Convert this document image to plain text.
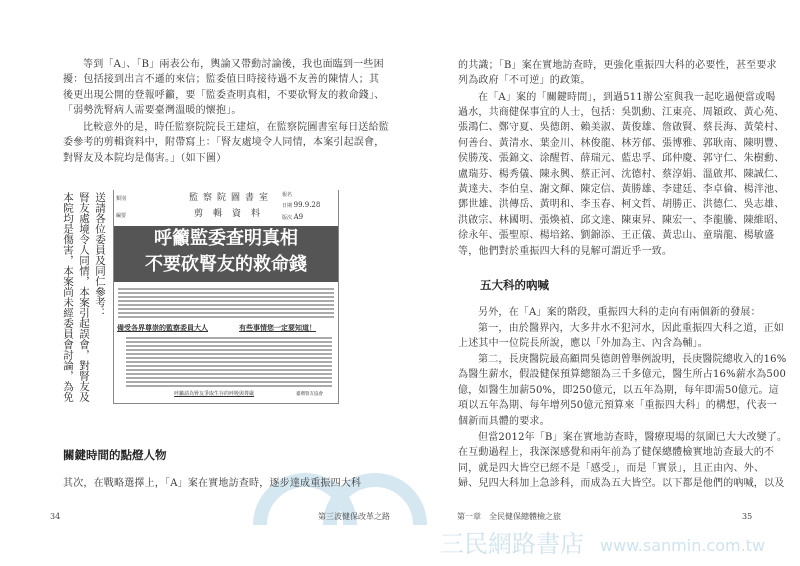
三民網路書店 www.sanmin.com.tw
送請各位委員及同仁參考：
腎友處境令人同情，本案引起誤會，對腎友及
本院均是傷害，本案尚未經委員會討論，為免	類別
編要
監察院圖書室
剪輯資料
報名
日期 99.9.28
版次 A9
呼籲監委查明真相
不要砍腎友的救命錢
備受各界尊崇的監察委員大人	有些事情您一定要知道！
呼籲請為腎友爭取生存的呼吸與尊嚴	臺灣腎友協會
34	第三波健保改革之路	第一章　全民健保總體檢之旅	35
等到「A」、「B」兩表公布，輿論又帶動討論後，我也面臨到一些困
擾：包括接到出言不遜的來信；監委值日時接待過不友善的陳情人；其
後更出現公開的登報呼籲，要「監委查明真相，不要砍腎友的救命錢」、
「弱勢洗腎病人需要臺灣溫暖的懷抱」。
比較意外的是，時任監察院院長王建煊，在監察院圖書室每日送給監
委參考的剪輯資料中，附帶寫上：「腎友處境令人同情，本案引起誤會，
對腎友及本院均是傷害。」（如下圖）
關鍵時間的點燈人物
其次，在戰略選擇上，「A」案在實地訪查時，逐步達成重振四大科
的共識；「B」案在實地訪查時，更強化重振四大科的必要性，甚至要求
列為政府「不可逆」的政策。
在「A」案的「關鍵時間」，到過511辦公室與我一起吃過便當或喝
過水，共商健保事宜的人士，包括：吳凱勳、江東亮、周穎政、黃心苑、
張鴻仁、鄭守夏、吳德朗、賴美淑、黃俊雄、詹啟賢、蔡長海、黃榮村、
何善台、黃清水、葉金川、林俊龍、林芳郁、張博雅、郭耿南、陳明豐、
侯勝茂、張錦文、涂醒哲、薛瑞元、藍忠孚、邱仲慶、郭守仁、朱樹勳、
盧瑞芬、楊秀儀、陳永興、蔡正河、沈德村、蔡淳娟、溫啟邦、陳誠仁、
黃達夫、李伯皇、謝文輝、陳定信、黃勝雄、李建廷、李卓倫、楊泮池、
鄧世雄、洪傳岳、黃明和、李玉春、柯文哲、胡勝正、洪德仁、吳志雄、
洪啟宗、林國明、張煥禎、邱文達、陳東昇、陳宏一、李龍騰、陳維昭、
徐永年、張聖原、楊培銘、劉錦添、王正儀、黃忠山、童瑞龍、楊敏盛
等，他們對於重振四大科的見解可謂近乎一致。
五大科的吶喊
另外，在「A」案的階段，重振四大科的走向有兩個新的發展：
第一，由於醫界內，大多井水不犯河水，因此重振四大科之道，正如
上述其中一位院長所說，應以「外加為主、內含為輔」。
第二，長庚醫院最高顧問吳德朗曾舉例說明，長庚醫院總收入的16%
為醫生薪水，假設健保預算總額為三千多億元，醫生所占16%薪水為500
億，如醫生加薪50%，即250億元，以五年為期，每年即需50億元。這
項以五年為期、每年增列50億元預算來「重振四大科」的構想，代表一
個新而具體的要求。
但當2012年「B」案在實地訪查時，醫療現場的氛圍已大大改變了。
在互動過程上，我深深感覺和兩年前為了健保總體檢實地訪查最大的不
同，就是四大皆空已經不是「感受」，而是「實景」，且正由內、外、
婦、兒四大科加上急診科，而成為五大皆空。以下都是他們的吶喊，以及
